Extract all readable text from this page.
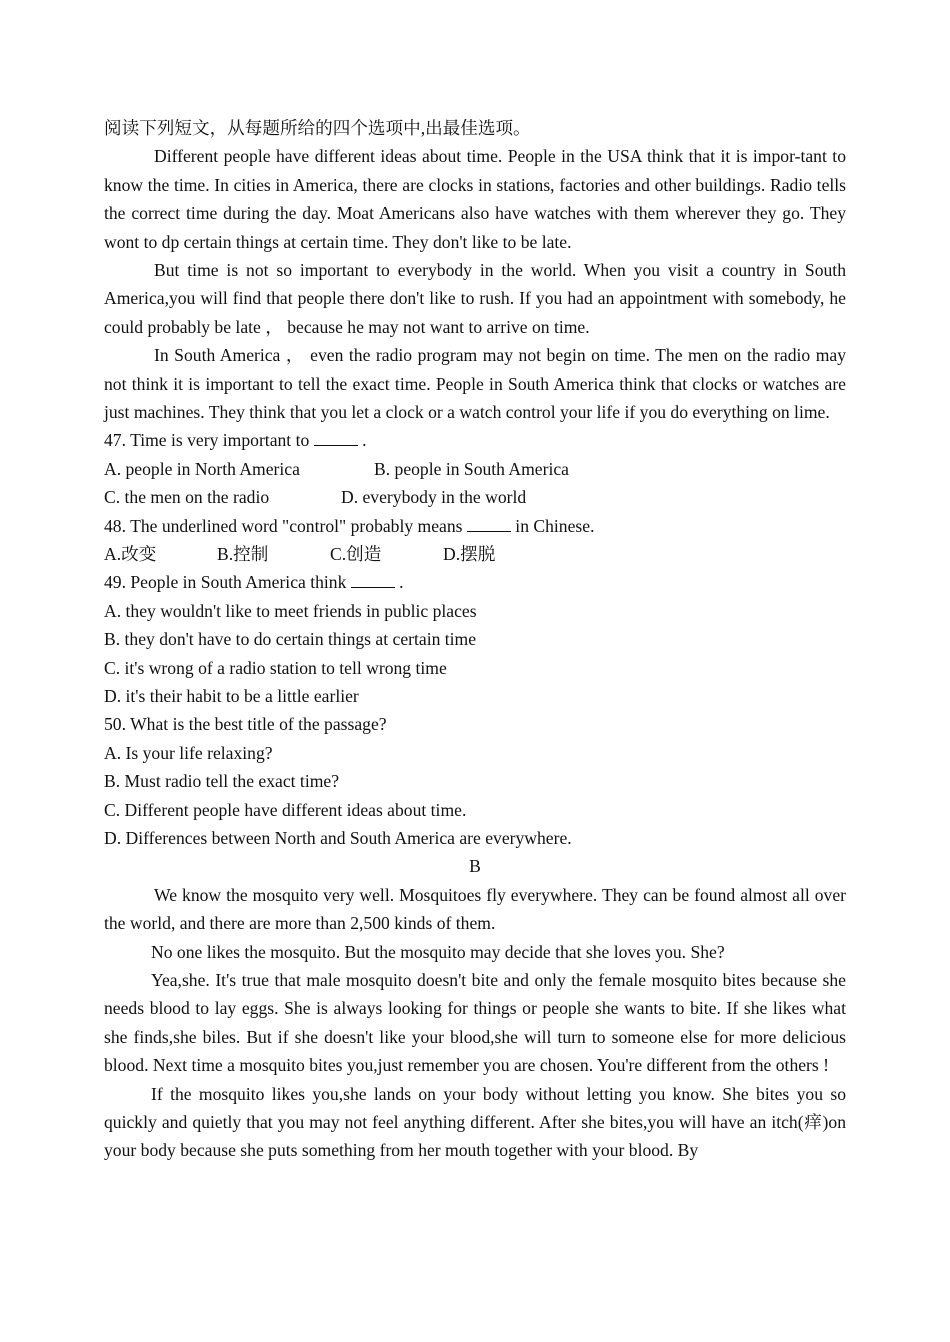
阅读下列短文，从每题所给的四个选项中,出最佳选项。
Different people have different ideas about time. People in the USA think that it is impor-tant to know the time. In cities in America, there are clocks in stations, factories and other buildings. Radio tells the correct time during the day. Moat Americans also have watches with them wherever they go. They wont to dp certain things at certain time. They don't like to be late.
But time is not so important to everybody in the world. When you visit a country in South America,you will find that people there don't like to rush. If you had an appointment with somebody, he could probably be late ， because he may not want to arrive on time.
In South America ， even the radio program may not begin on time. The men on the radio may not think it is important to tell the exact time. People in South America think that clocks or watches are just machines. They think that you let a clock or a watch control your life if you do everything on lime.
47. Time is very important to	.
A. people in North America	B. people in South America
C. the men on the radio	D. everybody in the world
48. The underlined word "control" probably means	in Chinese.
A.改变	B.控制	C.创造	D.摆脱
49. People in South America think	.
A. they wouldn't like to meet friends in public places
B. they don't have to do certain things at certain time
C. it's wrong of a radio station to tell wrong time
D. it's their habit to be a little earlier
50. What is the best title of the passage?
A. Is your life relaxing?
B. Must radio tell the exact time?
C. Different people have different ideas about time.
D. Differences between North and South America are everywhere.
B
We know the mosquito very well. Mosquitoes fly everywhere. They can be found almost all over the world, and there are more than 2,500 kinds of them.
No one likes the mosquito. But the mosquito may decide that she loves you. She?
Yea,she. It's true that male mosquito doesn't bite and only the female mosquito bites because she needs blood to lay eggs. She is always looking for things or people she wants to bite. If she likes what she finds,she biles. But if she doesn't like your blood,she will turn to someone else for more delicious blood. Next time a mosquito bites you,just remember you are chosen. You're different from the others !
If the mosquito likes you,she lands on your body without letting you know. She bites you so quickly and quietly that you may not feel anything different. After she bites,you will have an itch(痒)on your body because she puts something from her mouth together with your blood. By
